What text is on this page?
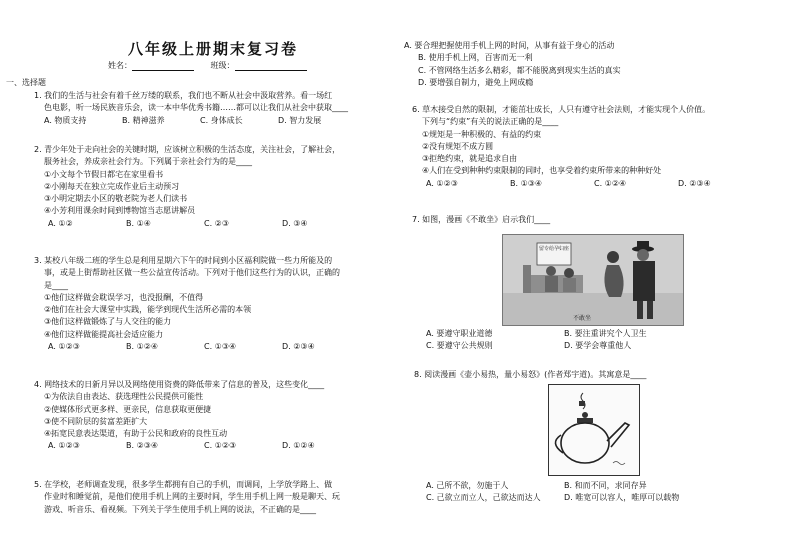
八年级上册期末复习卷
姓名：	班级：
一、选择题

1. 我们的生活与社会有着千丝万缕的联系，我们也不断从社会中汲取营养。看一场红

色电影，听一场民族音乐会，读一本中华优秀书籍……都可以让我们从社会中获取____

A. 物质支持	B. 精神滋养	C. 身体成长	D. 智力发展

2. 青少年处于走向社会的关键时期，应该树立积极的生活态度，关注社会，了解社会，

服务社会，养成亲社会行为。下列属于亲社会行为的是____

①小文每个节假日都宅在家里看书

②小刚每天在独立完成作业后主动预习

③小明定期去小区的敬老院为老人们读书

④小芳利用课余时间到博物馆当志愿讲解员

A. ①②	B. ①④	C. ②③	D. ③④

3. 某校八年级二班的学生总是利用星期六下午的时间到小区福利院做一些力所能及的

事，或是上街帮助社区做一些公益宣传活动。下列对于他们这些行为的认识，正确的

是____

①他们这样做会耽误学习，也没报酬，不值得

②他们在社会大课堂中实践，能学到现代生活所必需的本领

③他们这样做锻炼了与人交往的能力

④他们这样做能提高社会适应能力

A. ①②③	B. ①②④	C. ①③④	D. ②③④

4. 网络技术的日新月异以及网络使用资费的降低带来了信息的普及，这些变化____

①为依法自由表达、获选理性公民提供可能性

②使媒体形式更多样、更亲民，信息获取更便捷

③使不同阶层的贫富差距扩大

④拓宽民意表达渠道，有助于公民和政府的良性互动

A. ①②③	B. ②③④	C. ①②③	D. ①②④

5. 在学校，老师调查发现，很多学生都拥有自己的手机，而调间，上学放学路上、做

作业时和睡觉前，是他们使用手机上网的主要时间，学生用手机上网一般是聊天、玩

游戏、听音乐、看视频。下列关于学生使用手机上网的说法，不正确的是____

A. 要合理把握使用手机上网的时间，从事有益于身心的活动

B. 使用手机上网，百害而无一利

C. 不管网络生活多么精彩，都不能脱离到现实生活的真实

D. 要增强自制力，避免上网成瘾

6. 草木接受自然的限制，才能茁壮成长，人只有遵守社会法则，才能实现个人价值。

下列与“约束”有关的说法正确的是____

①规矩是一种积极的、有益的约束

②没有规矩不成方圆

③拒绝约束，就是追求自由

④人们在受到种种约束限制的同时，也享受着约束所带来的种种好处

A. ①②③	B. ①③④	C. ①②④	D. ②③④

7. 如图，漫画《不敢坐》启示我们____

留专给孕妇座
不敢坐
A. 要遵守职业道德	B. 要注重讲究个人卫生
C. 要遵守公共规则	D. 要学会尊重他人

8. 阅读漫画《壶小易热，量小易怒》(作者郑宇道)。其寓意是____

A. 己所不欲，勿施于人	B. 和而不同，求同存异
C. 己欲立而立人，己欲达而达人	D. 唯宽可以容人，唯厚可以载物
